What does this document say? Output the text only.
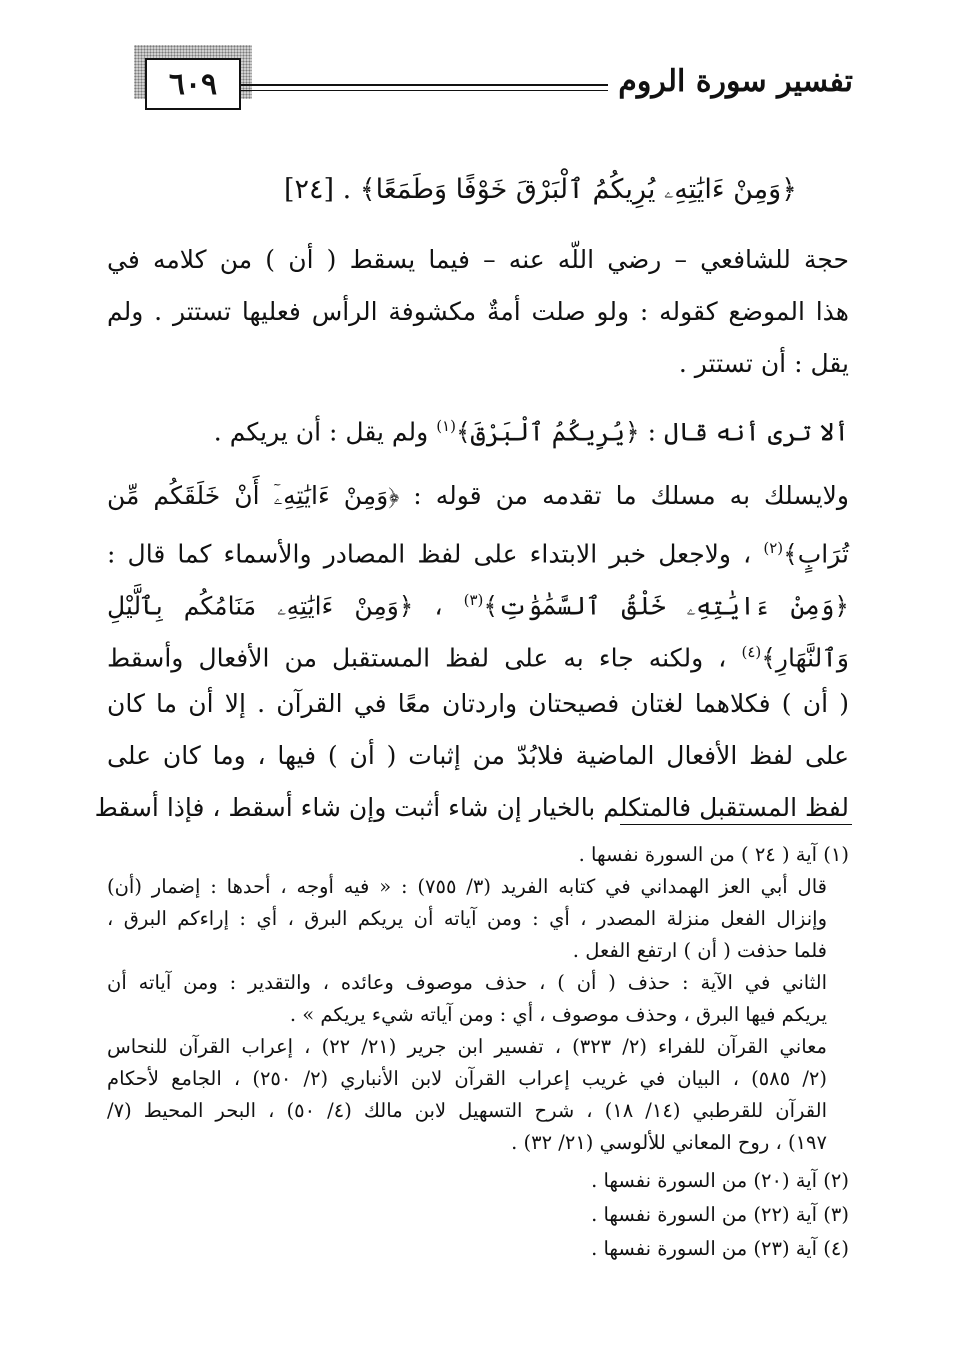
٦٠٩	تفسير سورة الروم
﴿وَمِنْ ءَايَٰتِهِۦ يُرِيكُمُ ٱلْبَرْقَ خَوْفًا وَطَمَعًا﴾ . [٢٤]
حجة للشافعي – رضي اللّه عنه – فيما يسقط ( أن ) من كلامه في
هذا الموضع كقوله : ولو صلت أمةٌ مكشوفة الرأس فعليها تستتر . ولم
يقل : أن تستتر .
ألا ترى أنه قال : ﴿يُرِيكُمُ ٱلْبَرْقَ﴾$^{(١)}$ ولم يقل : أن يريكم .
ولايسلك به مسلك ما تقدمه من قوله : ﴿وَمِنْ ءَايَٰتِهِۦٓ أَنْ خَلَقَكُم مِّن
تُرَابٍ﴾$^{(٢)}$ ، ولاجعل خبر الابتداء على لفظ المصادر والأسماء كما قال :
﴿وَمِنْ ءَايَٰتِهِۦ خَلْقُ ٱلسَّمَٰوَٰتِ﴾$^{(٣)}$ ، ﴿وَمِنْ ءَايَٰتِهِۦ مَنَامُكُم بِٱلَّيْلِ
وَٱلنَّهَارِ﴾$^{(٤)}$ ، ولكنه جاء به على لفظ المستقبل من الأفعال وأسقط
( أن ) فكلاهما لغتان فصيحتان واردتان معًا في القرآن . إلا أن ما كان
على لفظ الأفعال الماضية فلابُدّ من إثبات ( أن ) فيها ، وما كان على
لفظ المستقبل فالمتكلم بالخيار إن شاء أثبت وإن شاء أسقط ، فإذا أسقط
(١) آية ( ٢٤ ) من السورة نفسها .
قال أبي العز الهمداني في كتابه الفريد (٣/ ٧٥٥) : « فيه أوجه ، أحدها : إضمار (أن)
وإنزال الفعل منزلة المصدر ، أي : ومن آياته أن يريكم البرق ، أي : إراءكم البرق ،
فلما حذفت ( أن ) ارتفع الفعل .
الثاني في الآية : حذف ( أن ) ، حذف موصوف وعائده ، والتقدير : ومن آياته أن
يريكم فيها البرق ، وحذف موصوف ، أي : ومن آياته شيء يريكم » .
معاني القرآن للفراء (٢/ ٣٢٣) ، تفسير ابن جرير (٢١/ ٢٢) ، إعراب القرآن للنحاس
(٢/ ٥٨٥) ، البيان في غريب إعراب القرآن لابن الأنباري (٢/ ٢٥٠) ، الجامع لأحكام
القرآن للقرطبي (١٤/ ١٨) ، شرح التسهيل لابن مالك (٤/ ٥٠) ، البحر المحيط (٧/
١٩٧) ، روح المعاني للألوسي (٢١/ ٣٢) .
(٢) آية (٢٠) من السورة نفسها .
(٣) آية (٢٢) من السورة نفسها .
(٤) آية (٢٣) من السورة نفسها .
